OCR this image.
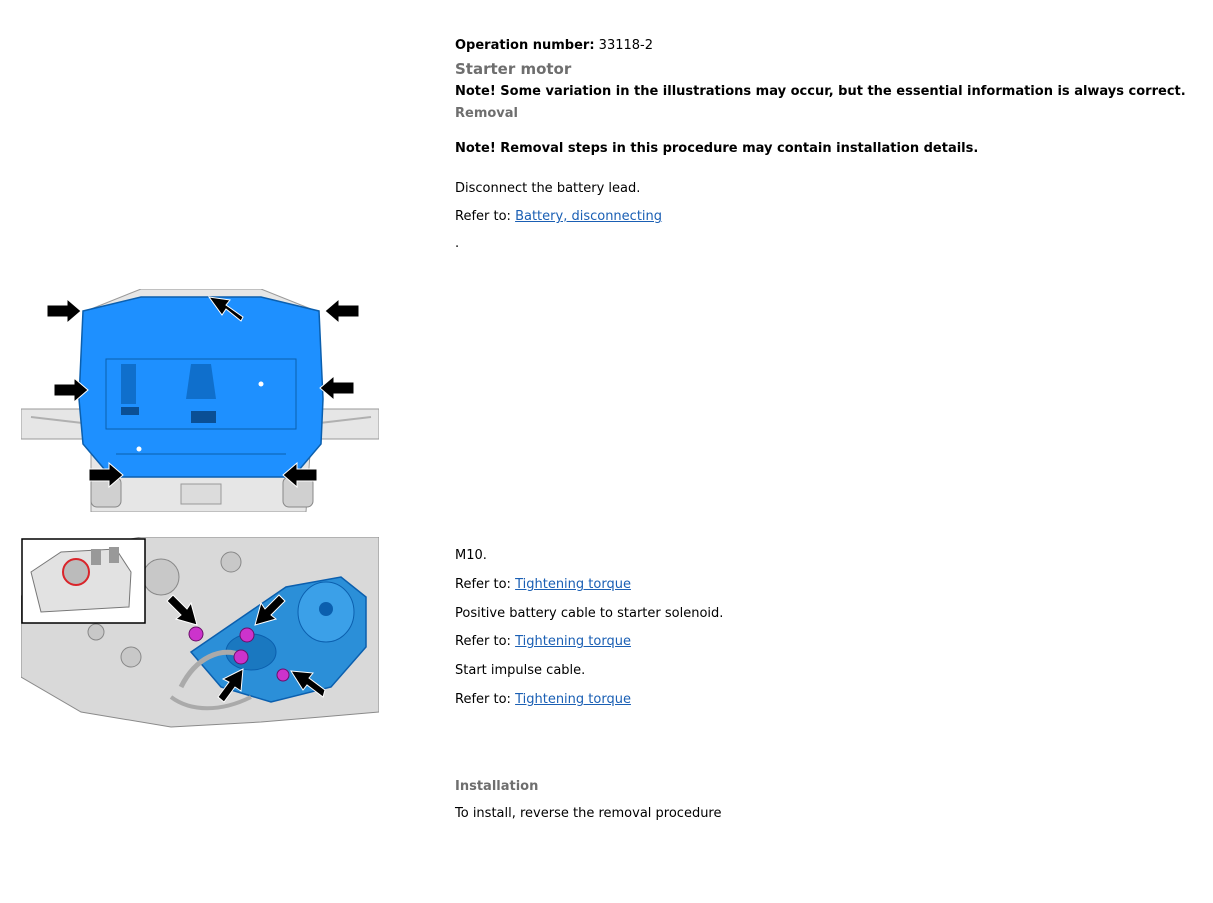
Operation number: 33118-2
Starter motor
Note! Some variation in the illustrations may occur, but the essential information is always correct.
Removal
Note! Removal steps in this procedure may contain installation details.
Disconnect the battery lead.
Refer to: Battery, disconnecting
.
M10.
Refer to: Tightening torque
Positive battery cable to starter solenoid.
Refer to: Tightening torque
Start impulse cable.
Refer to: Tightening torque
Installation
To install, reverse the removal procedure
